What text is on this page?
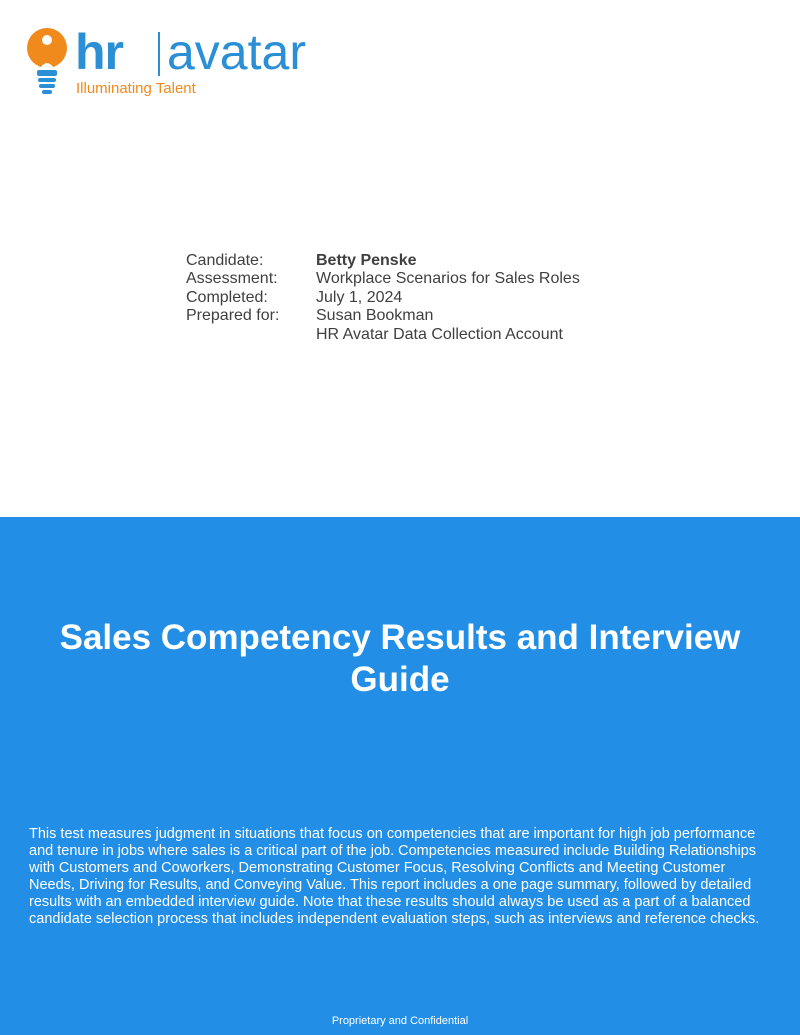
hr avatar
Illuminating Talent
Candidate:	Betty Penske
Assessment:	Workplace Scenarios for Sales Roles
Completed:	July 1, 2024
Prepared for:	Susan Bookman
HR Avatar Data Collection Account
Sales Competency Results and Interview Guide
This test measures judgment in situations that focus on competencies that are important for high job performance and tenure in jobs where sales is a critical part of the job. Competencies measured include Building Relationships with Customers and Coworkers, Demonstrating Customer Focus, Resolving Conflicts and Meeting Customer Needs, Driving for Results, and Conveying Value. This report includes a one page summary, followed by detailed results with an embedded interview guide. Note that these results should always be used as a part of a balanced candidate selection process that includes independent evaluation steps, such as interviews and reference checks.
Proprietary and Confidential
